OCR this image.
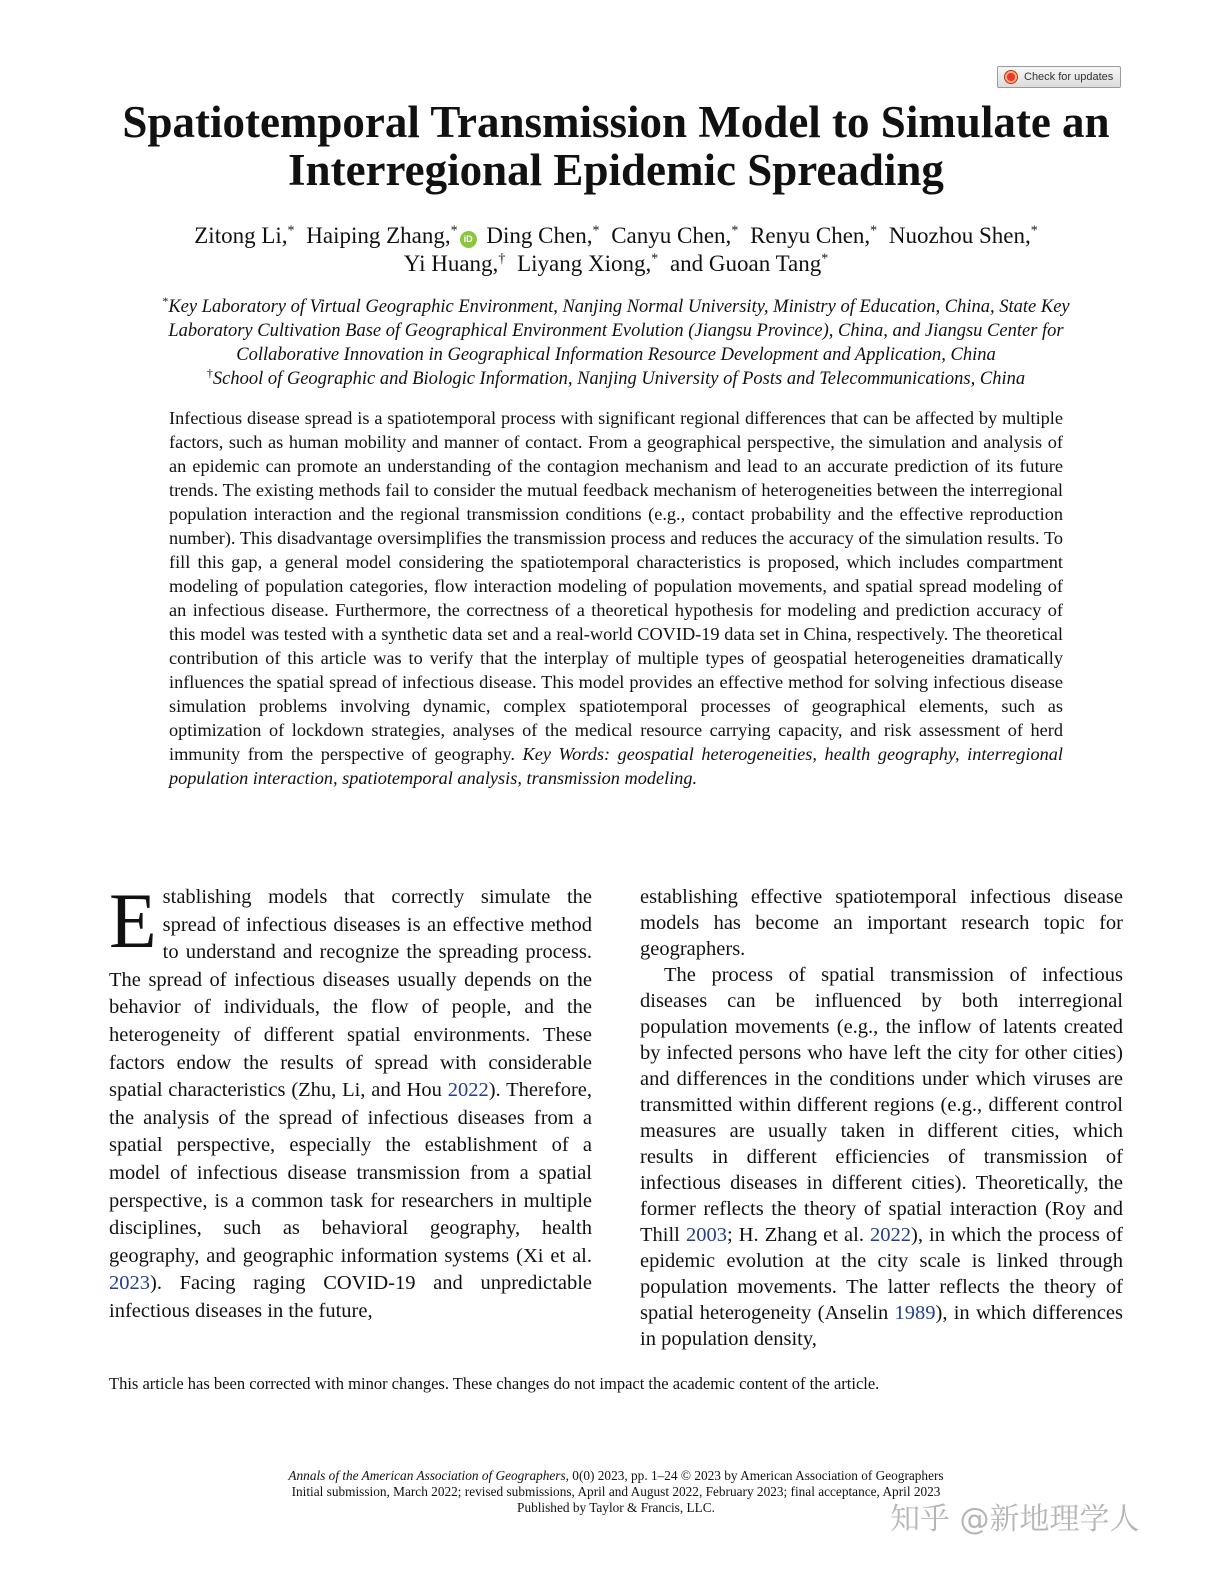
Check for updates
Spatiotemporal Transmission Model to Simulate an
Interregional Epidemic Spreading
Zitong Li,* Haiping Zhang,*iD Ding Chen,* Canyu Chen,* Renyu Chen,* Nuozhou Shen,*
Yi Huang,† Liyang Xiong,* and Guoan Tang*
*Key Laboratory of Virtual Geographic Environment, Nanjing Normal University, Ministry of Education, China, State Key
Laboratory Cultivation Base of Geographical Environment Evolution (Jiangsu Province), China, and Jiangsu Center for
Collaborative Innovation in Geographical Information Resource Development and Application, China
†School of Geographic and Biologic Information, Nanjing University of Posts and Telecommunications, China
Infectious disease spread is a spatiotemporal process with significant regional differences that can be affected by multiple factors, such as human mobility and manner of contact. From a geographical perspective, the simulation and analysis of an epidemic can promote an understanding of the contagion mechanism and lead to an accurate prediction of its future trends. The existing methods fail to consider the mutual feedback mechanism of heterogeneities between the interregional population interaction and the regional transmission conditions (e.g., contact probability and the effective reproduction number). This disadvantage oversimplifies the transmission process and reduces the accuracy of the simulation results. To fill this gap, a general model considering the spatiotemporal characteristics is proposed, which includes compartment modeling of population categories, flow interaction modeling of population movements, and spatial spread modeling of an infectious disease. Furthermore, the correctness of a theoretical hypothesis for modeling and prediction accuracy of this model was tested with a synthetic data set and a real-world COVID-19 data set in China, respectively. The theoretical contribution of this article was to verify that the interplay of multiple types of geospatial heterogeneities dramatically influences the spatial spread of infectious disease. This model provides an effective method for solving infectious disease simulation problems involving dynamic, complex spatiotemporal processes of geographical elements, such as optimization of lockdown strategies, analyses of the medical resource carrying capacity, and risk assessment of herd immunity from the perspective of geography. Key Words: geospatial heterogeneities, health geography, interregional population interaction, spatiotemporal analysis, transmission modeling.

Establishing models that correctly simulate the spread of infectious diseases is an effective method to understand and recognize the spreading process. The spread of infectious diseases usually depends on the behavior of individuals, the flow of people, and the heterogeneity of different spatial environments. These factors endow the results of spread with considerable spatial characteristics (Zhu, Li, and Hou 2022). Therefore, the analysis of the spread of infectious diseases from a spatial perspective, especially the establishment of a model of infectious disease transmission from a spatial perspective, is a common task for researchers in multiple disciplines, such as behavioral geography, health geography, and geographic information systems (Xi et al. 2023). Facing raging COVID-19 and unpredictable infectious diseases in the future,

establishing effective spatiotemporal infectious disease models has become an important research topic for geographers.

The process of spatial transmission of infectious diseases can be influenced by both interregional population movements (e.g., the inflow of latents created by infected persons who have left the city for other cities) and differences in the conditions under which viruses are transmitted within different regions (e.g., different control measures are usually taken in different cities, which results in different efficiencies of transmission of infectious diseases in different cities). Theoretically, the former reflects the theory of spatial interaction (Roy and Thill 2003; H. Zhang et al. 2022), in which the process of epidemic evolution at the city scale is linked through population movements. The latter reflects the theory of spatial heterogeneity (Anselin 1989), in which differences in population density,

This article has been corrected with minor changes. These changes do not impact the academic content of the article.
Annals of the American Association of Geographers, 0(0) 2023, pp. 1–24 © 2023 by American Association of Geographers
Initial submission, March 2022; revised submissions, April and August 2022, February 2023; final acceptance, April 2023
Published by Taylor & Francis, LLC.	知乎 @新地理学人
